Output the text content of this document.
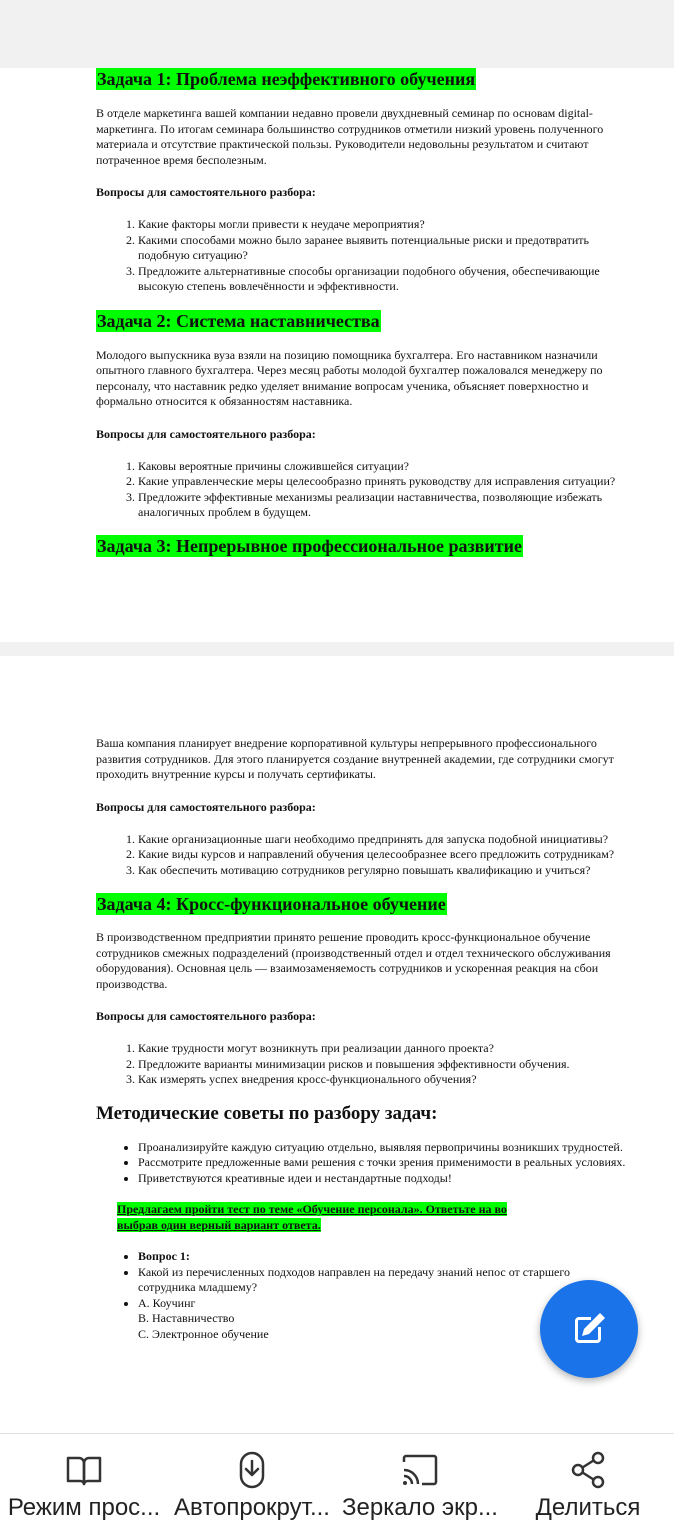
Задача 1: Проблема неэффективного обучения

В отделе маркетинга вашей компании недавно провели двухдневный семинар по основам digital-маркетинга. По итогам семинара большинство сотрудников отметили низкий уровень полученного материала и отсутствие практической пользы. Руководители недовольны результатом и считают потраченное время бесполезным.

Вопросы для самостоятельного разбора:

1. Какие факторы могли привести к неудаче мероприятия?
2. Какими способами можно было заранее выявить потенциальные риски и предотвратить подобную ситуацию?
3. Предложите альтернативные способы организации подобного обучения, обеспечивающие высокую степень вовлечённости и эффективности.
Задача 2: Система наставничества

Молодого выпускника вуза взяли на позицию помощника бухгалтера. Его наставником назначили опытного главного бухгалтера. Через месяц работы молодой бухгалтер пожаловался менеджеру по персоналу, что наставник редко уделяет внимание вопросам ученика, объясняет поверхностно и формально относится к обязанностям наставника.

Вопросы для самостоятельного разбора:

1. Каковы вероятные причины сложившейся ситуации?
2. Какие управленческие меры целесообразно принять руководству для исправления ситуации?
3. Предложите эффективные механизмы реализации наставничества, позволяющие избежать аналогичных проблем в будущем.
Задача 3: Непрерывное профессиональное развитие

Ваша компания планирует внедрение корпоративной культуры непрерывного профессионального развития сотрудников. Для этого планируется создание внутренней академии, где сотрудники смогут проходить внутренние курсы и получать сертификаты.

Вопросы для самостоятельного разбора:

1. Какие организационные шаги необходимо предпринять для запуска подобной инициативы?
2. Какие виды курсов и направлений обучения целесообразнее всего предложить сотрудникам?
3. Как обеспечить мотивацию сотрудников регулярно повышать квалификацию и учиться?
Задача 4: Кросс-функциональное обучение

В производственном предприятии принято решение проводить кросс-функциональное обучение сотрудников смежных подразделений (производственный отдел и отдел технического обслуживания оборудования). Основная цель — взаимозаменяемость сотрудников и ускоренная реакция на сбои производства.

Вопросы для самостоятельного разбора:

1. Какие трудности могут возникнуть при реализации данного проекта?
2. Предложите варианты минимизации рисков и повышения эффективности обучения.
3. Как измерять успех внедрения кросс-функционального обучения?

Методические советы по разбору задач:

• Проанализируйте каждую ситуацию отдельно, выявляя первопричины возникших трудностей.
• Рассмотрите предложенные вами решения с точки зрения применимости в реальных условиях.
• Приветствуются креативные идеи и нестандартные подходы!
Предлагаем пройти тест по теме «Обучение персонала». Ответьте на во
выбрав один верный вариант ответа.
• Вопрос 1:
• Какой из перечисленных подходов направлен на передачу знаний непос от старшего сотрудника младшему?
• A. Коучинг
B. Наставничество
C. Электронное обучение
Режим прос... Автопрокрут... Зеркало экр...	Делиться
